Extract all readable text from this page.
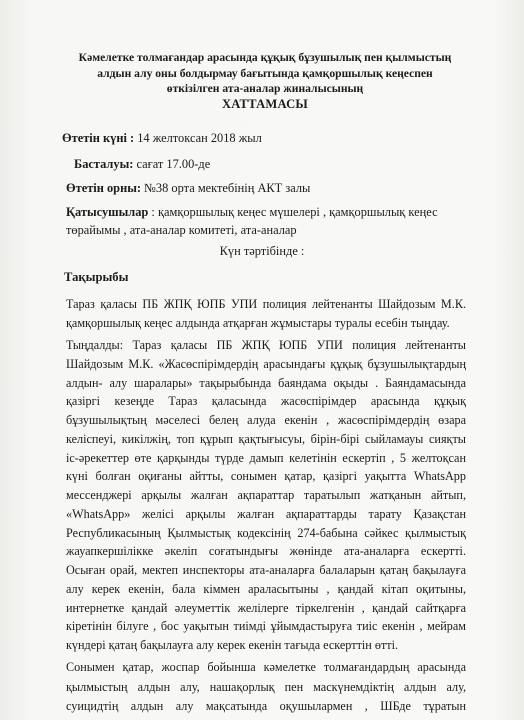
Кәмелетке толмағандар арасында құқық бұзушылық пен қылмыстың
алдын алу оны болдырмау бағытында қамқоршылық кеңеспен
өткізілген ата-аналар жиналысының
ХАТТАМАСЫ
Өтетін күні : 14 желтоксан 2018 жыл
Басталуы: сағат 17.00-де
Өтетін орны: №38 орта мектебінің АКТ залы
Қатысушылар : қамқоршылық кеңес мүшелері , қамқоршылық кеңес
төрайымы , ата-аналар комитеті, ата-аналар
Күн тәртібінде :
Тақырыбы
Тараз қаласы ПБ ЖПҚ ЮПБ УПИ полиция лейтенанты Шайдозым М.К.
қамқоршылық кеңес алдында атқарған жұмыстары туралы есебін тыңдау.
Тыңдалды: Тараз қаласы ПБ ЖПҚ ЮПБ УПИ полиция лейтенанты
Шайдозым М.К. «Жасөспірімдердің арасындағы құқық бұзушылықтардың
алдын- алу шаралары» тақырыбында баяндама оқыды . Баяндамасында
қазіргі кезеңде Тараз қаласында жасөспірімдер арасында құқық
бұзушылықтың мәселесі белең алуда екенін , жасөспірімдердің өзара
келіспеуі, кикілжің, топ құрып қақтығысуы, бірін-бірі сыйламауы сияқты
іс-әрекеттер өте қарқынды түрде дамып келетінін ескертіп , 5 желтоқсан
күні болған оқиғаны айтты, сонымен қатар, қазіргі уақытта WhatsApp
мессенджері арқылы жалған ақпараттар таратылып жатқанын айтып,
«WhatsApp» желісі арқылы жалған ақпараттарды тарату Қазақстан
Республикасының Қылмыстық кодексінің 274-бабына сәйкес қылмыстық
жауапкершілікке әкеліп соғатындығы жөнінде ата-аналарға ескертті.
Осыған орай, мектеп инспекторы ата-аналарға балаларын қатаң бақылауға
алу керек екенін, бала кіммен араласытыны , қандай кітап оқитыны,
интернетке қандай әлеуметтік желілерге тіркелгенін , қандай сайтқарға
кіретінін білуге , бос уақытын тиімді ұйымдастыруға тиіс екенін , мейрам
күндері қатаң бақылауға алу керек екенін тағыда ескерттін өтті.
Сонымен қатар, жоспар бойынша кәмелетке толмағандардың арасында
қылмыстың алдын алу, нашақорлық пен маскүнемдіктің алдын алу,
суицидтің алдын алу мақсатында оқушылармен , ШБде тұратын
